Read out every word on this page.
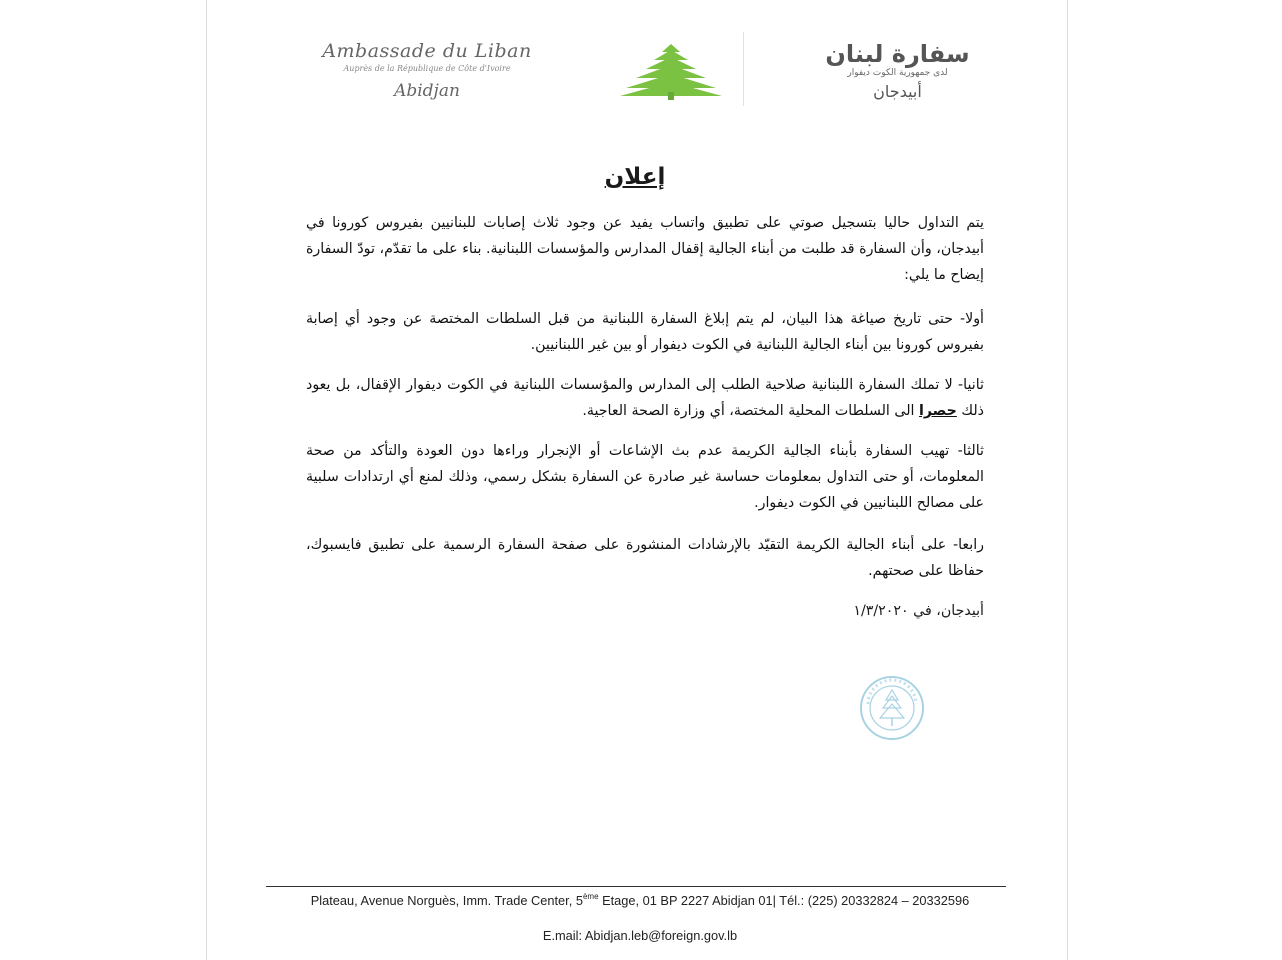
Ambassade du Liban
Auprès de la République de Côte d'Ivoire
Abidjan
سفارة لبنان
لدى جمهورية الكوت ديفوار
أبيدجان
إعلان
يتم التداول حاليا بتسجيل صوتي على تطبيق واتساب يفيد عن وجود ثلاث إصابات للبنانيين بفيروس كورونا في أبيدجان، وأن السفارة قد طلبت من أبناء الجالية إقفال المدارس والمؤسسات اللبنانية. بناء على ما تقدّم، تودّ السفارة إيضاح ما يلي:
أولا- حتى تاريخ صياغة هذا البيان، لم يتم إبلاغ السفارة اللبنانية من قبل السلطات المختصة عن وجود أي إصابة بفيروس كورونا بين أبناء الجالية اللبنانية في الكوت ديفوار أو بين غير اللبنانيين.
ثانيا- لا تملك السفارة اللبنانية صلاحية الطلب إلى المدارس والمؤسسات اللبنانية في الكوت ديفوار الإقفال، بل يعود ذلك حصرا الى السلطات المحلية المختصة، أي وزارة الصحة العاجية.
ثالثا- تهيب السفارة بأبناء الجالية الكريمة عدم بث الإشاعات أو الإنجرار وراءها دون العودة والتأكد من صحة المعلومات، أو حتى التداول بمعلومات حساسة غير صادرة عن السفارة بشكل رسمي، وذلك لمنع أي ارتدادات سلبية على مصالح اللبنانيين في الكوت ديفوار.
رابعا- على أبناء الجالية الكريمة التقيّد بالإرشادات المنشورة على صفحة السفارة الرسمية على تطبيق فايسبوك، حفاظا على صحتهم.
أبيدجان، في ١/٣/٢٠٢٠
Plateau, Avenue Norguès, Imm. Trade Center, 5ème Etage, 01 BP 2227 Abidjan 01| Tél.: (225) 20332824 – 20332596
E.mail: Abidjan.leb@foreign.gov.lb
